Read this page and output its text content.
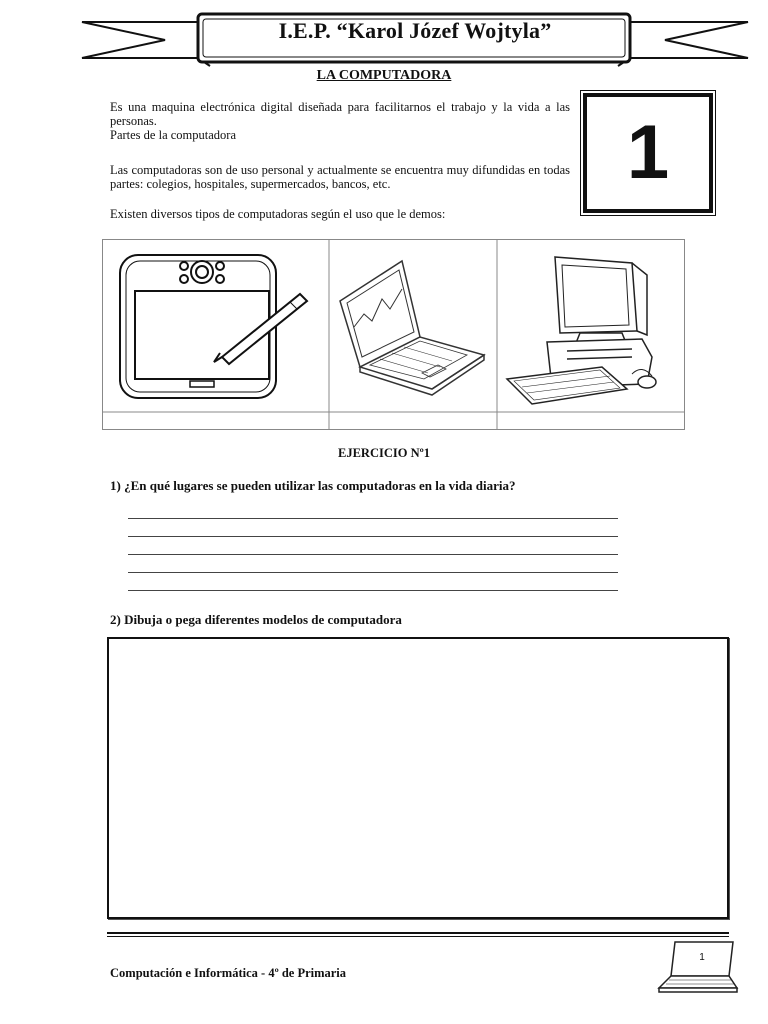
I.E.P. “Karol Józef Wojtyla”
LA COMPUTADORA
Es una maquina electrónica digital diseñada para facilitarnos el trabajo y la vida a las personas.
Partes de la computadora
Las computadoras son de uso personal y actualmente se encuentra muy difundidas en todas partes: colegios, hospitales, supermercados, bancos, etc.
Existen diversos tipos de computadoras según el uso que le demos:
1
EJERCICIO Nº1
1) ¿En qué lugares se pueden utilizar las computadoras en la vida diaria?
2) Dibuja o pega diferentes modelos de computadora
Computación e Informática - 4º de Primaria
1
